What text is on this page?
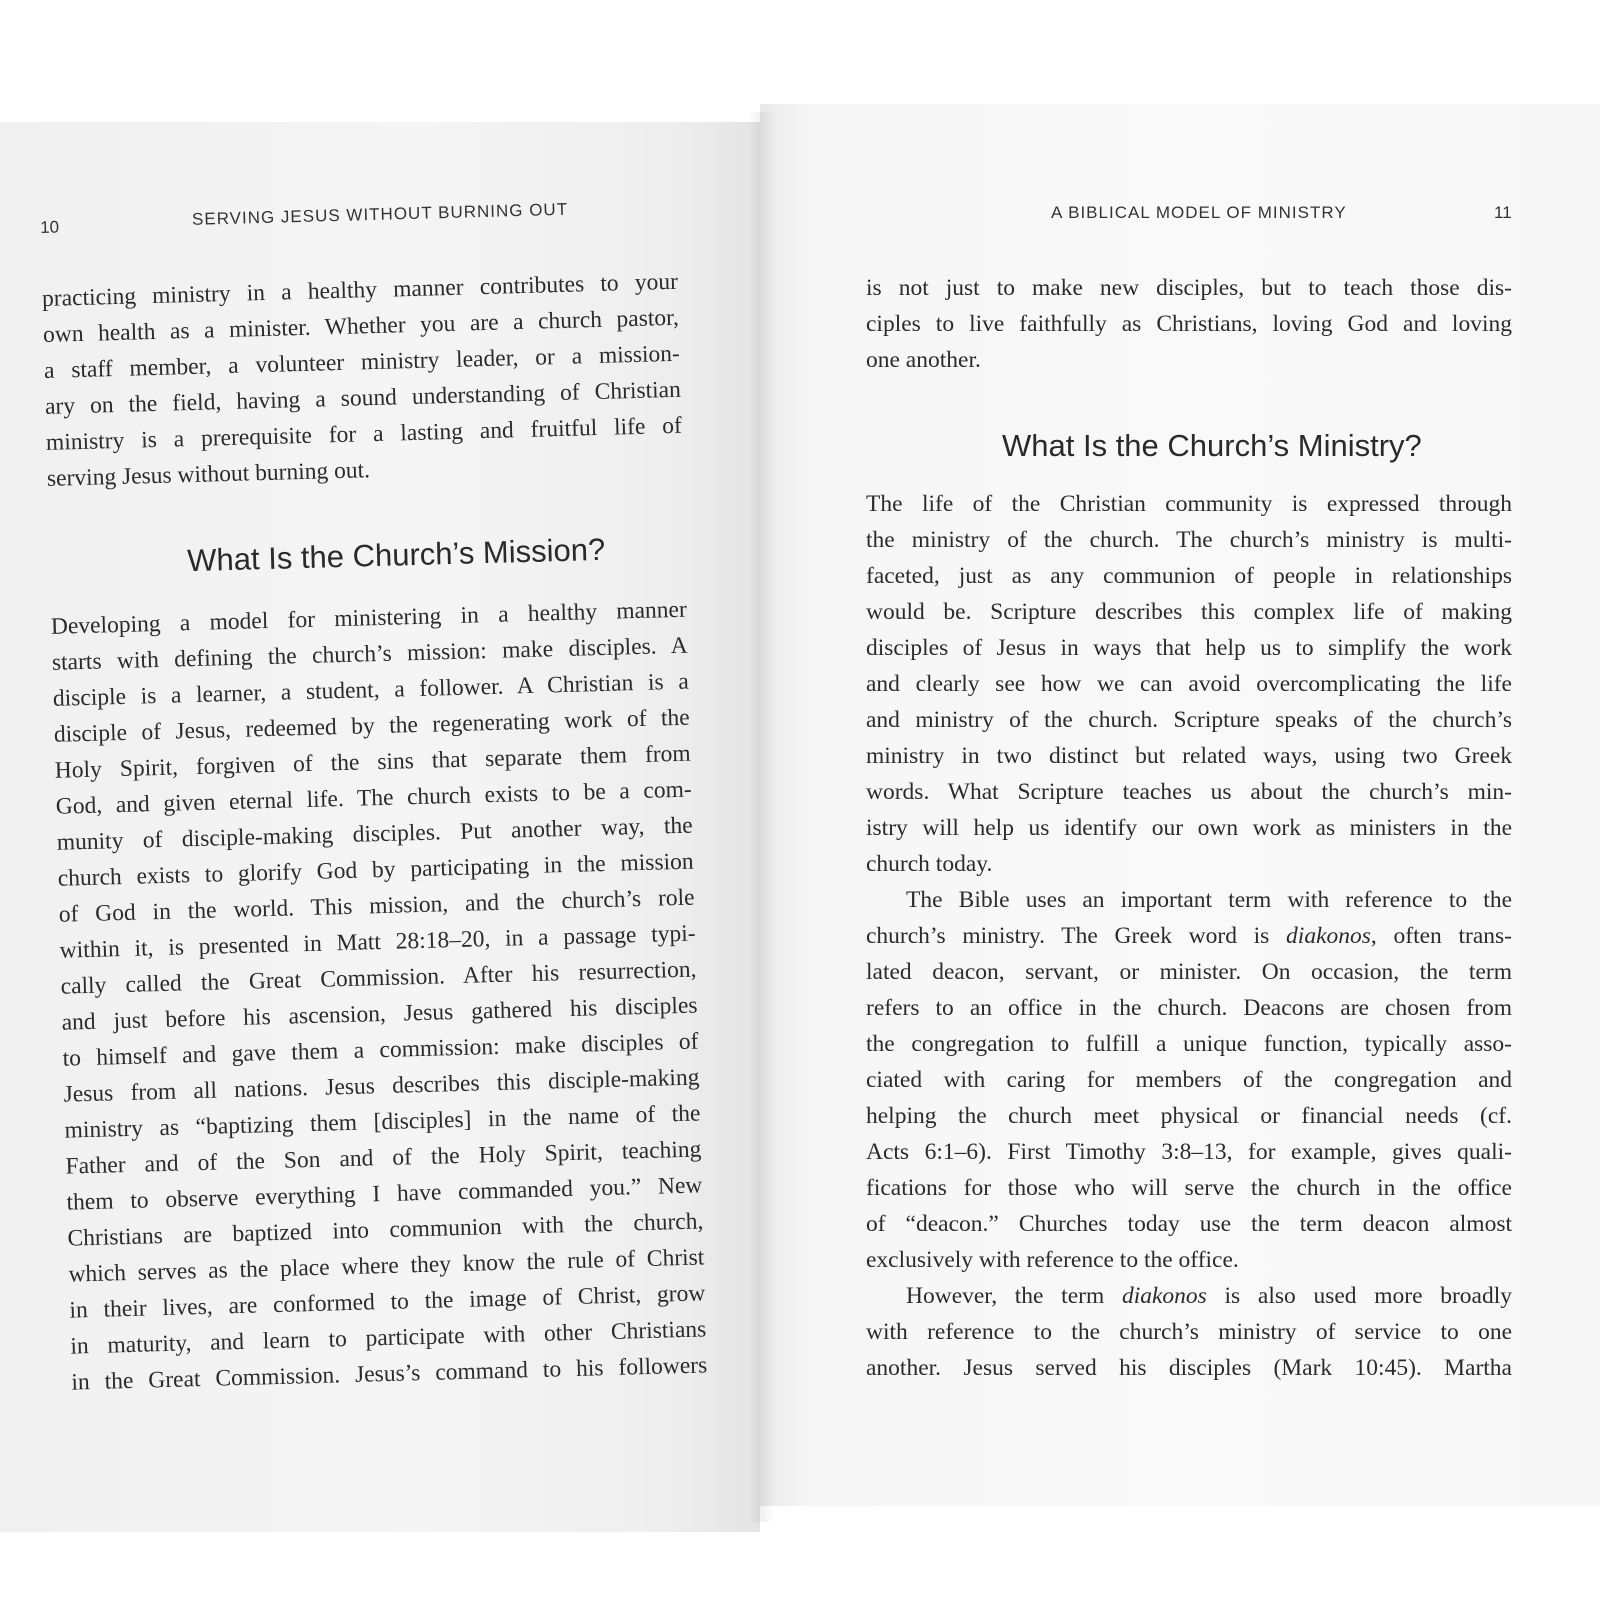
10	SERVING JESUS WITHOUT BURNING OUT
practicing ministry in a healthy manner contributes to your
own health as a minister. Whether you are a church pastor,
a staff member, a volunteer ministry leader, or a mission-
ary on the field, having a sound understanding of Christian
ministry is a prerequisite for a lasting and fruitful life of
serving Jesus without burning out.
What Is the Church’s Mission?
Developing a model for ministering in a healthy manner
starts with defining the church’s mission: make disciples. A
disciple is a learner, a student, a follower. A Christian is a
disciple of Jesus, redeemed by the regenerating work of the
Holy Spirit, forgiven of the sins that separate them from
God, and given eternal life. The church exists to be a com-
munity of disciple-making disciples. Put another way, the
church exists to glorify God by participating in the mission
of God in the world. This mission, and the church’s role
within it, is presented in Matt 28:18–20, in a passage typi-
cally called the Great Commission. After his resurrection,
and just before his ascension, Jesus gathered his disciples
to himself and gave them a commission: make disciples of
Jesus from all nations. Jesus describes this disciple-making
ministry as “baptizing them [disciples] in the name of the
Father and of the Son and of the Holy Spirit, teaching
them to observe everything I have commanded you.” New
Christians are baptized into communion with the church,
which serves as the place where they know the rule of Christ
in their lives, are conformed to the image of Christ, grow
in maturity, and learn to participate with other Christians
in the Great Commission. Jesus’s command to his followers
A BIBLICAL MODEL OF MINISTRY	11
is not just to make new disciples, but to teach those dis-
ciples to live faithfully as Christians, loving God and loving
one another.
What Is the Church’s Ministry?
The life of the Christian community is expressed through
the ministry of the church. The church’s ministry is multi-
faceted, just as any communion of people in relationships
would be. Scripture describes this complex life of making
disciples of Jesus in ways that help us to simplify the work
and clearly see how we can avoid overcomplicating the life
and ministry of the church. Scripture speaks of the church’s
ministry in two distinct but related ways, using two Greek
words. What Scripture teaches us about the church’s min-
istry will help us identify our own work as ministers in the
church today.
The Bible uses an important term with reference to the
church’s ministry. The Greek word is diakonos, often trans-
lated deacon, servant, or minister. On occasion, the term
refers to an office in the church. Deacons are chosen from
the congregation to fulfill a unique function, typically asso-
ciated with caring for members of the congregation and
helping the church meet physical or financial needs (cf.
Acts 6:1–6). First Timothy 3:8–13, for example, gives quali-
fications for those who will serve the church in the office
of “deacon.” Churches today use the term deacon almost
exclusively with reference to the office.
However, the term diakonos is also used more broadly
with reference to the church’s ministry of service to one
another. Jesus served his disciples (Mark 10:45). Martha
